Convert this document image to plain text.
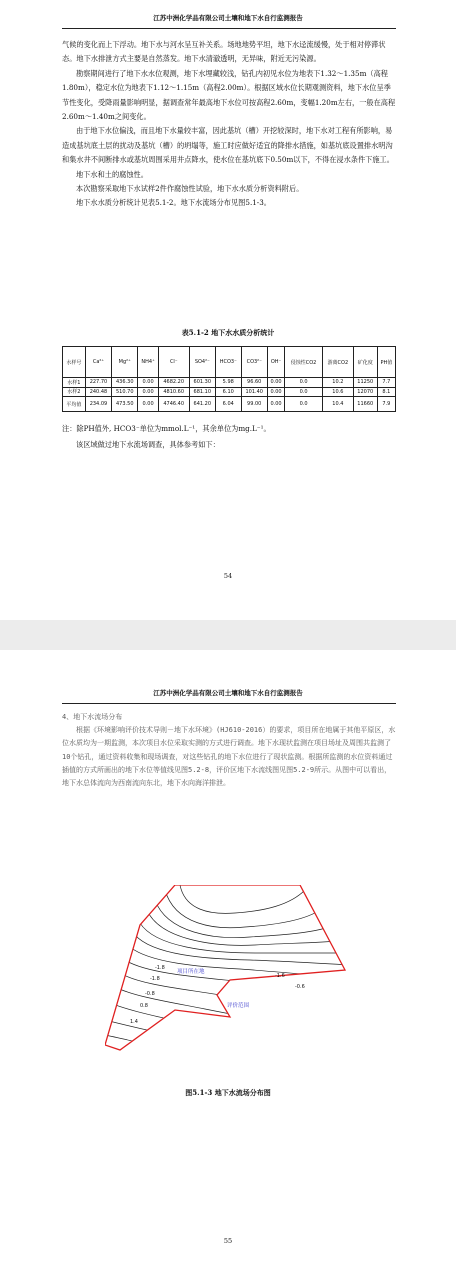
江苏中洲化学品有限公司土壤和地下水自行监测报告

气候的变化而上下浮动。地下水与河水呈互补关系。场地地势平坦，地下水迳流缓慢，处于相对停滞状态。地下水排泄方式主要是自然蒸发。地下水清澈透明，无异味，附近无污染源。

勘察期间进行了地下水水位观测，地下水埋藏较浅，钻孔内初见水位为地表下1.32～1.35m（高程1.80m），稳定水位为地表下1.12～1.15m（高程2.00m）。根据区域水位长期观测资料，地下水位呈季节性变化，受降雨量影响明显，据调查常年最高地下水位可按高程2.60m，变幅1.20m左右，一般在高程2.60m～1.40m之间变化。

由于地下水位偏浅，而且地下水量较丰富，因此基坑（槽）开挖较深时，地下水对工程有所影响，易造成基坑底土层的扰动及基坑（槽）的坍塌等，施工时应做好适宜的降排水措施，如基坑底设置排水明沟和集水井不间断排水或基坑周围采用井点降水，使水位在基坑底下0.50m以下，不得在浸水条件下施工。

地下水和土的腐蚀性。

本次勘察采取地下水试样2件作腐蚀性试验，地下水水质分析资料附后。

地下水水质分析统计见表5.1-2。地下水流场分布见图5.1-3。

表5.1-2 地下水水质分析统计
水样号	Ca²⁺	Mg²⁺	NH4⁺	Cl⁻	SO4²⁻	HCO3⁻	CO3²⁻	OH⁻	侵蚀性CO2	游离CO2	矿化度	PH值
水样1	227.70	436.30	0.00	4682.20	601.30	5.98	96.60	0.00	0.0	10.2	11250	7.7
水样2	240.48	510.70	0.00	4810.60	681.10	6.10	101.40	0.00	0.0	10.6	12070	8.1
平均值	234.09	473.50	0.00	4746.40	641.20	6.04	99.00	0.00	0.0	10.4	11660	7.9
注：除PH值外, HCO3⁻单位为mmol.L⁻¹，其余单位为mg.L⁻¹。
该区域做过地下水流场调查，具体参考如下：
54
江苏中洲化学品有限公司土壤和地下水自行监测报告

4、地下水流场分布

根据《环境影响评价技术导则－地下水环境》(HJ610-2016）的要求，项目所在地属于其他平原区，水位水质均为一期监测，本次项目水位采取实测的方式进行调查。地下水现状监测在项目场址及周围共监测了10个钻孔，通过资料收集和现场调查，对这些钻孔的地下水位进行了现状监测。根据所监测的水位资料通过插值的方式所画出的地下水位等值线见图5.2-8，评价区地下水流线图见图5.2-9所示。从图中可以看出，地下水总体流向为西南流向东北，地下水向海洋排泄。

-1.8
-1.6
-1.8
-0.8
0.8
1.4
-0.6
项目所在地
评价范围
图5.1-3 地下水流场分布图
55
